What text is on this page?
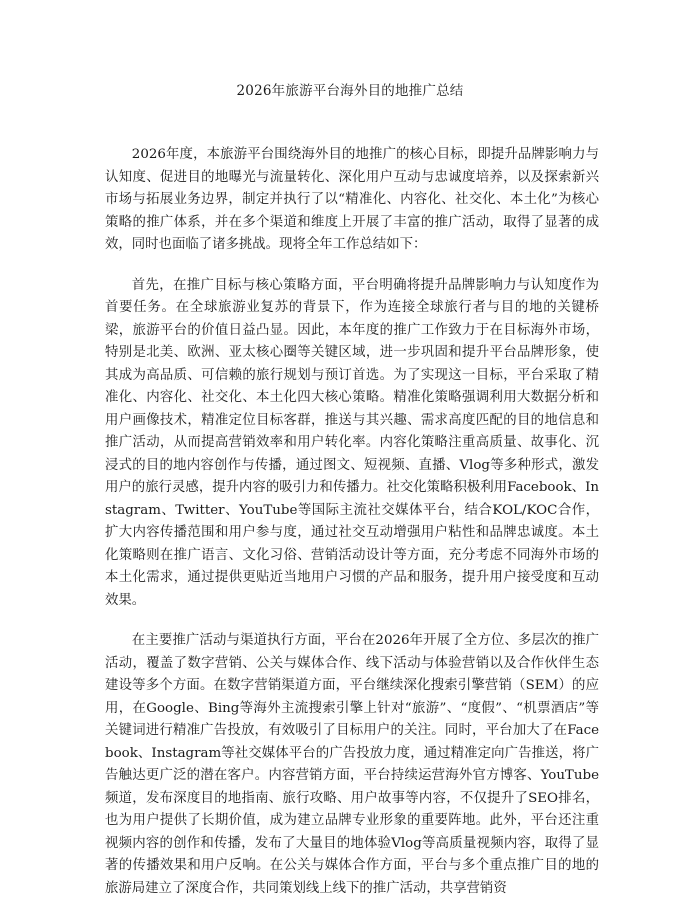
2026年旅游平台海外目的地推广总结

2026年度，本旅游平台围绕海外目的地推广的核心目标，即提升品牌影响力与认知度、促进目的地曝光与流量转化、深化用户互动与忠诚度培养，以及探索新兴市场与拓展业务边界，制定并执行了以“精准化、内容化、社交化、本土化”为核心策略的推广体系，并在多个渠道和维度上开展了丰富的推广活动，取得了显著的成效，同时也面临了诸多挑战。现将全年工作总结如下：

首先，在推广目标与核心策略方面，平台明确将提升品牌影响力与认知度作为首要任务。在全球旅游业复苏的背景下，作为连接全球旅行者与目的地的关键桥梁，旅游平台的价值日益凸显。因此，本年度的推广工作致力于在目标海外市场，特别是北美、欧洲、亚太核心圈等关键区域，进一步巩固和提升平台品牌形象，使其成为高品质、可信赖的旅行规划与预订首选。为了实现这一目标，平台采取了精准化、内容化、社交化、本土化四大核心策略。精准化策略强调利用大数据分析和用户画像技术，精准定位目标客群，推送与其兴趣、需求高度匹配的目的地信息和推广活动，从而提高营销效率和用户转化率。内容化策略注重高质量、故事化、沉浸式的目的地内容创作与传播，通过图文、短视频、直播、Vlog等多种形式，激发用户的旅行灵感，提升内容的吸引力和传播力。社交化策略积极利用Facebook、Instagram、Twitter、YouTube等国际主流社交媒体平台，结合KOL/KOC合作，扩大内容传播范围和用户参与度，通过社交互动增强用户粘性和品牌忠诚度。本土化策略则在推广语言、文化习俗、营销活动设计等方面，充分考虑不同海外市场的本土化需求，通过提供更贴近当地用户习惯的产品和服务，提升用户接受度和互动效果。

在主要推广活动与渠道执行方面，平台在2026年开展了全方位、多层次的推广活动，覆盖了数字营销、公关与媒体合作、线下活动与体验营销以及合作伙伴生态建设等多个方面。在数字营销渠道方面，平台继续深化搜索引擎营销（SEM）的应用，在Google、Bing等海外主流搜索引擎上针对“旅游”、“度假”、“机票酒店”等关键词进行精准广告投放，有效吸引了目标用户的关注。同时，平台加大了在Facebook、Instagram等社交媒体平台的广告投放力度，通过精准定向广告推送，将广告触达更广泛的潜在客户。内容营销方面，平台持续运营海外官方博客、YouTube频道，发布深度目的地指南、旅行攻略、用户故事等内容，不仅提升了SEO排名，也为用户提供了长期价值，成为建立品牌专业形象的重要阵地。此外，平台还注重视频内容的创作和传播，发布了大量目的地体验Vlog等高质量视频内容，取得了显著的传播效果和用户反响。在公关与媒体合作方面，平台与多个重点推广目的地的旅游局建立了深度合作，共同策划线上线下的推广活动，共享营销资
